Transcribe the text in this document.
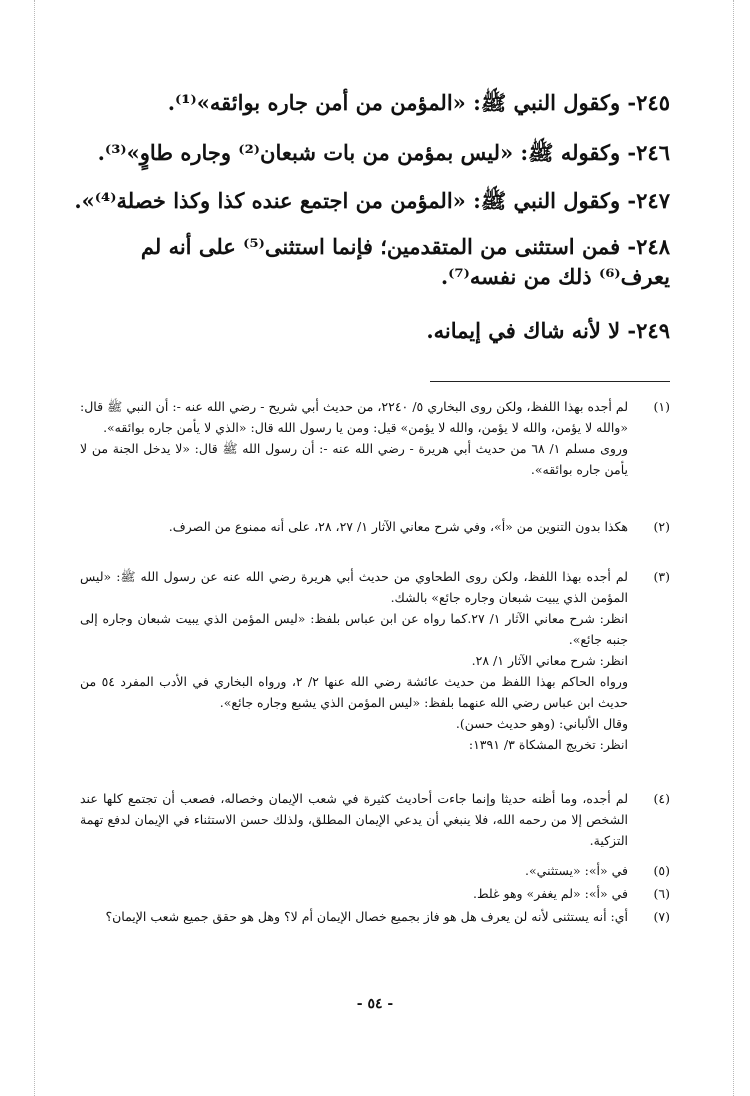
٢٤٥- وكقول النبي ﷺ: «المؤمن من أمن جاره بوائقه»⁽¹⁾.
٢٤٦- وكقوله ﷺ: «ليس بمؤمن من بات شبعان⁽²⁾ وجاره طاوٍ»⁽³⁾.
٢٤٧- وكقول النبي ﷺ: «المؤمن من اجتمع عنده كذا وكذا خصلة⁽⁴⁾».
٢٤٨- فمن استثنى من المتقدمين؛ فإنما استثنى⁽⁵⁾ على أنه لم يعرف⁽⁶⁾ ذلك من نفسه⁽⁷⁾.
٢٤٩- لا لأنه شاك في إيمانه.
(١)

لم أجده بهذا اللفظ، ولكن روى البخاري ٥/ ٢٢٤٠، من حديث أبي شريح - رضي الله عنه -: أن النبي ﷺ قال: «والله لا يؤمن، والله لا يؤمن، والله لا يؤمن» قيل: ومن يا رسول الله قال: «الذي لا يأمن جاره بوائقه».

وروى مسلم ١/ ٦٨ من حديث أبي هريرة - رضي الله عنه -: أن رسول الله ﷺ قال: «لا يدخل الجنة من لا يأمن جاره بوائقه».

(٢)

هكذا بدون التنوين من «أ»، وفي شرح معاني الآثار ١/ ٢٧، ٢٨، على أنه ممنوع من الصرف.

(٣)

لم أجده بهذا اللفظ، ولكن روى الطحاوي من حديث أبي هريرة رضي الله عنه عن رسول الله ﷺ: «ليس المؤمن الذي يبيت شبعان وجاره جائع» بالشك.

انظر: شرح معاني الآثار ١/ ٢٧.كما رواه عن ابن عباس بلفظ: «ليس المؤمن الذي يبيت شبعان وجاره إلى جنبه جائع».

انظر: شرح معاني الآثار ١/ ٢٨.

ورواه الحاكم بهذا اللفظ من حديث عائشة رضي الله عنها ٢/ ٢، ورواه البخاري في الأدب المفرد ٥٤ من حديث ابن عباس رضي الله عنهما بلفظ: «ليس المؤمن الذي يشبع وجاره جائع».

وقال الألباني: (وهو حديث حسن).

انظر: تخريج المشكاة ٣/ ١٣٩١:

(٤)

لم أجده، وما أظنه حديثا وإنما جاءت أحاديث كثيرة في شعب الإيمان وخصاله، فصعب أن تجتمع كلها عند الشخص إلا من رحمه الله، فلا ينبغي أن يدعي الإيمان المطلق، ولذلك حسن الاستثناء في الإيمان لدفع تهمة التزكية.

(٥)

في «أ»: «يستثني».

(٦)

في «أ»: «لم يغفر» وهو غلط.

(٧)

أي: أنه يستثنى لأنه لن يعرف هل هو فاز بجميع خصال الإيمان أم لا؟ وهل هو حقق جميع شعب الإيمان؟

- ٥٤ -
